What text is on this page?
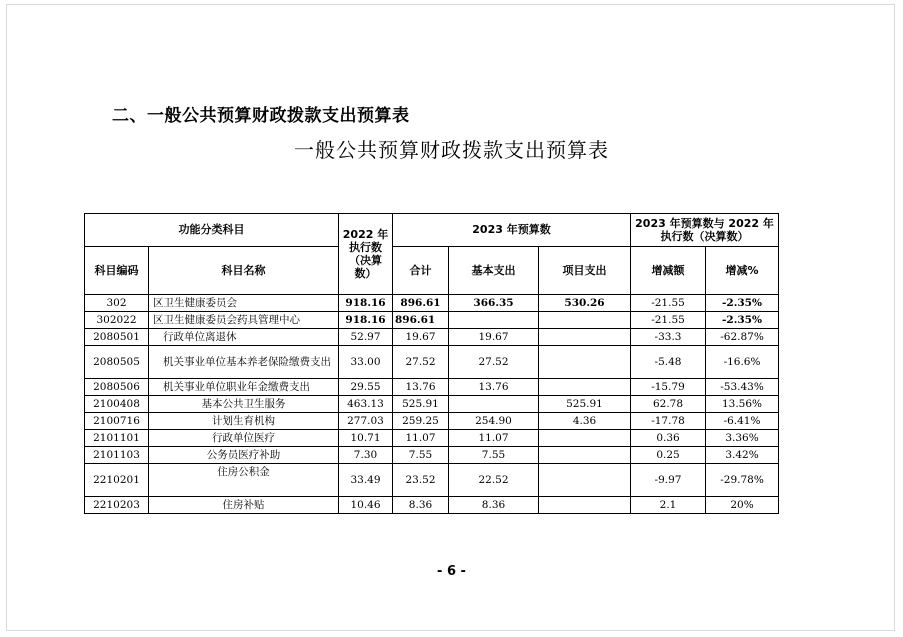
二、一般公共预算财政拨款支出预算表
一般公共预算财政拨款支出预算表
功能分类科目		2022 年执行数（决算数）	2023 年预算数			2023 年预算数与 2022 年执行数（决算数）	
科目编码	科目名称		合计	基本支出	项目支出	增减额	增减%
302	区卫生健康委员会	918.16	896.61	366.35	530.26	-21.55	-2.35%
302022	区卫生健康委员会药具管理中心	918.16	896.61			-21.55	-2.35%
2080501	行政单位离退休	52.97	19.67	19.67		-33.3	-62.87%
2080505	机关事业单位基本养老保险缴费支出	33.00	27.52	27.52		-5.48	-16.6%
2080506	机关事业单位职业年金缴费支出	29.55	13.76	13.76		-15.79	-53.43%
2100408	基本公共卫生服务	463.13	525.91		525.91	62.78	13.56%
2100716	计划生育机构	277.03	259.25	254.90	4.36	-17.78	-6.41%
2101101	行政单位医疗	10.71	11.07	11.07		0.36	3.36%
2101103	公务员医疗补助	7.30	7.55	7.55		0.25	3.42%
2210201	住房公积金	33.49	23.52	22.52		-9.97	-29.78%
2210203	住房补贴	10.46	8.36	8.36		2.1	20%
- 6 -
